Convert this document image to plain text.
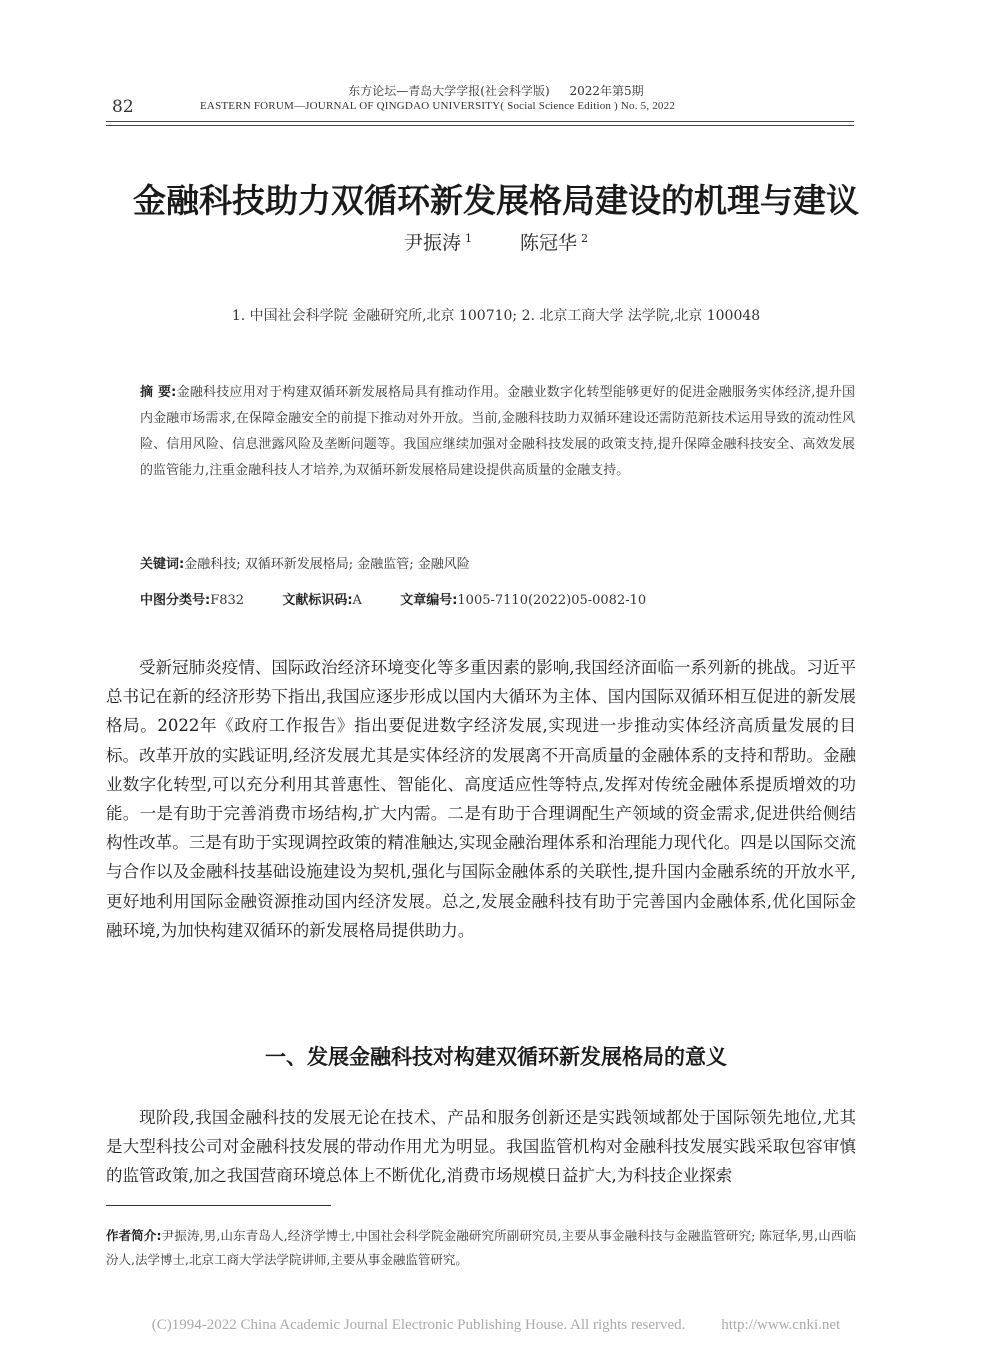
82
东方论坛—青岛大学学报(社会科学版) 2022年第5期
EASTERN FORUM—JOURNAL OF QINGDAO UNIVERSITY( Social Science Edition ) No. 5, 2022
金融科技助力双循环新发展格局建设的机理与建议
尹振涛 $^1$	陈冠华 $^2$
1. 中国社会科学院 金融研究所,北京 100710; 2. 北京工商大学 法学院,北京 100048
摘 要:金融科技应用对于构建双循环新发展格局具有推动作用。金融业数字化转型能够更好的促进金融服务实体经济,提升国内金融市场需求,在保障金融安全的前提下推动对外开放。当前,金融科技助力双循环建设还需防范新技术运用导致的流动性风险、信用风险、信息泄露风险及垄断问题等。我国应继续加强对金融科技发展的政策支持,提升保障金融科技安全、高效发展的监管能力,注重金融科技人才培养,为双循环新发展格局建设提供高质量的金融支持。
关键词:金融科技; 双循环新发展格局; 金融监管; 金融风险
中图分类号:F832	文献标识码:A	文章编号:1005-7110(2022)05-0082-10
受新冠肺炎疫情、国际政治经济环境变化等多重因素的影响,我国经济面临一系列新的挑战。习近平总书记在新的经济形势下指出,我国应逐步形成以国内大循环为主体、国内国际双循环相互促进的新发展格局。2022年《政府工作报告》指出要促进数字经济发展,实现进一步推动实体经济高质量发展的目标。改革开放的实践证明,经济发展尤其是实体经济的发展离不开高质量的金融体系的支持和帮助。金融业数字化转型,可以充分利用其普惠性、智能化、高度适应性等特点,发挥对传统金融体系提质增效的功能。一是有助于完善消费市场结构,扩大内需。二是有助于合理调配生产领域的资金需求,促进供给侧结构性改革。三是有助于实现调控政策的精准触达,实现金融治理体系和治理能力现代化。四是以国际交流与合作以及金融科技基础设施建设为契机,强化与国际金融体系的关联性,提升国内金融系统的开放水平,更好地利用国际金融资源推动国内经济发展。总之,发展金融科技有助于完善国内金融体系,优化国际金融环境,为加快构建双循环的新发展格局提供助力。
一、发展金融科技对构建双循环新发展格局的意义
现阶段,我国金融科技的发展无论在技术、产品和服务创新还是实践领域都处于国际领先地位,尤其是大型科技公司对金融科技发展的带动作用尤为明显。我国监管机构对金融科技发展实践采取包容审慎的监管政策,加之我国营商环境总体上不断优化,消费市场规模日益扩大,为科技企业探索
作者简介:尹振涛,男,山东青岛人,经济学博士,中国社会科学院金融研究所副研究员,主要从事金融科技与金融监管研究; 陈冠华,男,山西临汾人,法学博士,北京工商大学法学院讲师,主要从事金融监管研究。
(C)1994-2022 China Academic Journal Electronic Publishing House. All rights reserved. http://www.cnki.net
